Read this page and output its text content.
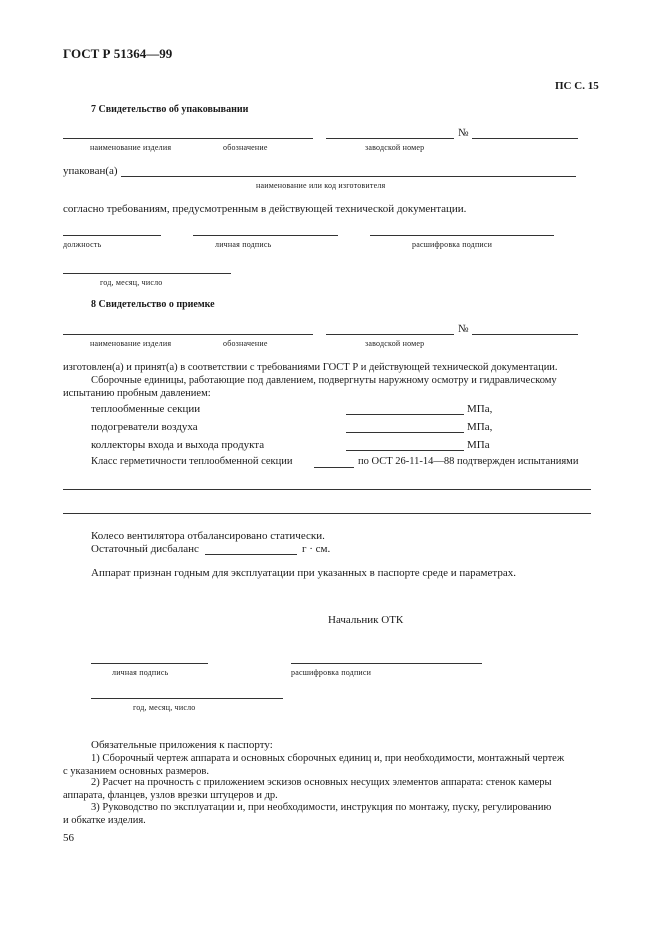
ГОСТ Р 51364—99
ПС С. 15
7 Свидетельство об упаковывании
№
наименование изделия	обозначение	заводской номер
упакован(а)
наименование или код изготовителя
согласно требованиям, предусмотренным в действующей технической документации.
должность	личная подпись	расшифровка подписи
год, месяц, число
8 Свидетельство о приемке
№
наименование изделия	обозначение	заводской номер
изготовлен(а) и принят(а) в соответствии с требованиями ГОСТ Р и действующей технической документации.
Сборочные единицы, работающие под давлением, подвергнуты наружному осмотру и гидравлическому
испытанию пробным давлением:
теплообменные секции	МПа,
подогреватели воздуха	МПа,
коллекторы входа и выхода продукта	МПа
Класс герметичности теплообменной секции	по ОСТ 26-11-14—88 подтвержден испытаниями
Колесо вентилятора отбалансировано статически.
Остаточный дисбаланс	г · см.
Аппарат признан годным для эксплуатации при указанных в паспорте среде и параметрах.
Начальник ОТК
личная подпись	расшифровка подписи
год, месяц, число
Обязательные приложения к паспорту:
1) Сборочный чертеж аппарата и основных сборочных единиц и, при необходимости, монтажный чертеж
с указанием основных размеров.
2) Расчет на прочность с приложением эскизов основных несущих элементов аппарата: стенок камеры
аппарата, фланцев, узлов врезки штуцеров и др.
3) Руководство по эксплуатации и, при необходимости, инструкция по монтажу, пуску, регулированию
и обкатке изделия.
56
